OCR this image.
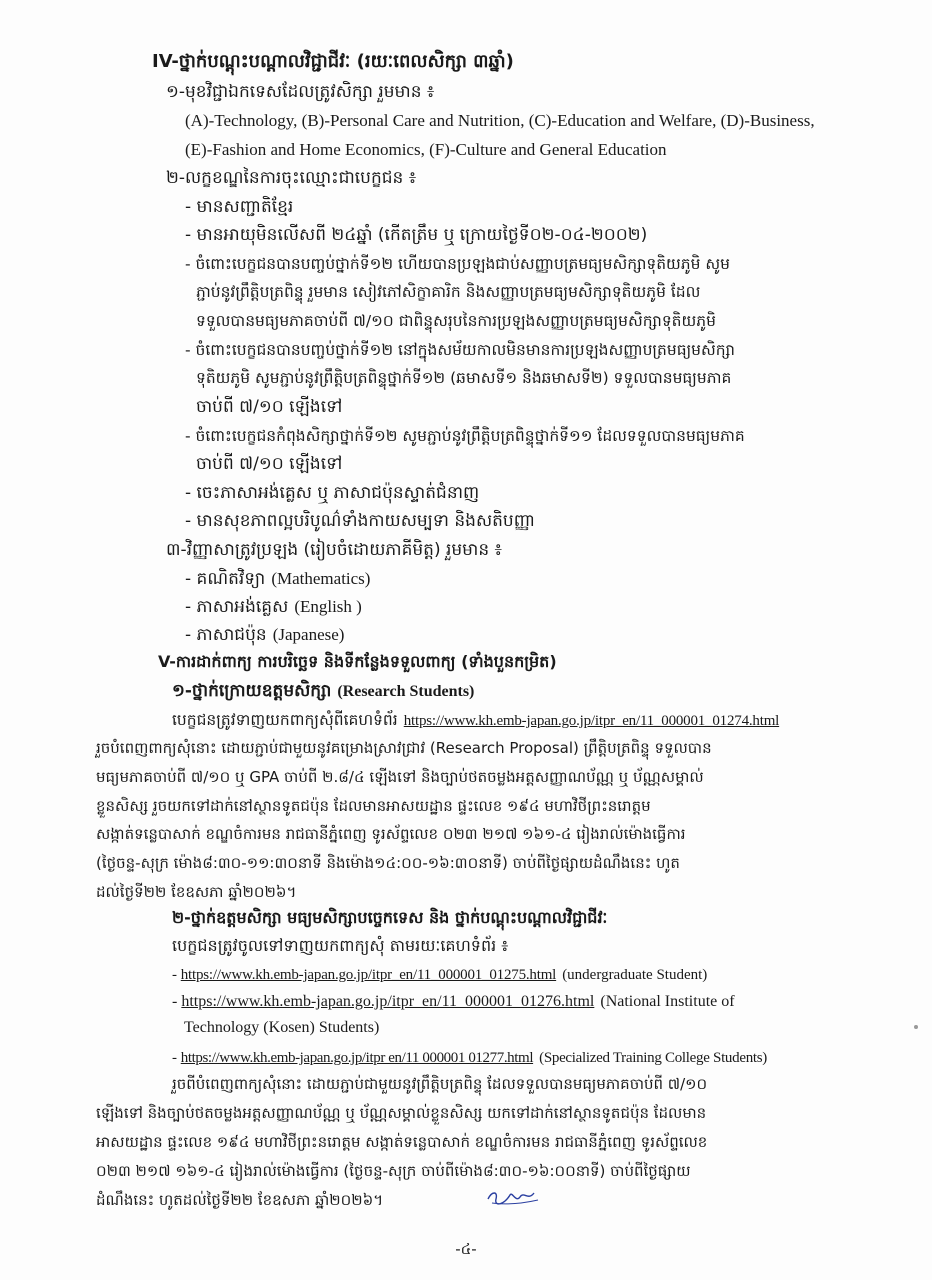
IV-ថ្នាក់បណ្ដុះបណ្ដាលវិជ្ជាជីវៈ (រយៈពេលសិក្សា ៣ឆ្នាំ)
១-មុខវិជ្ជាឯកទេសដែលត្រូវសិក្សា រួមមាន ៖
(A)-Technology, (B)-Personal Care and Nutrition, (C)-Education and Welfare, (D)-Business,
(E)-Fashion and Home Economics, (F)-Culture and General Education
២-លក្ខខណ្ឌនៃការចុះឈ្មោះជាបេក្ខជន ៖
- មានសញ្ជាតិខ្មែរ
- មានអាយុមិនលើសពី ២៤ឆ្នាំ (កើតត្រឹម ឬ ក្រោយថ្ងៃទី០២-០៤-២០០២)
- ចំពោះបេក្ខជនបានបញ្ចប់ថ្នាក់ទី១២ ហើយបានប្រឡងជាប់សញ្ញាបត្រមធ្យមសិក្សាទុតិយភូមិ សូម
ភ្ជាប់នូវព្រឹត្តិបត្រពិន្ទុ រួមមាន សៀវភៅសិក្ខាគារិក និងសញ្ញាបត្រមធ្យមសិក្សាទុតិយភូមិ ដែល
ទទួលបានមធ្យមភាគចាប់ពី ៧/១០ ជាពិន្ទុសរុបនៃការប្រឡងសញ្ញាបត្រមធ្យមសិក្សាទុតិយភូមិ
- ចំពោះបេក្ខជនបានបញ្ចប់ថ្នាក់ទី១២ នៅក្នុងសម័យកាលមិនមានការប្រឡងសញ្ញាបត្រមធ្យមសិក្សា
ទុតិយភូមិ សូមភ្ជាប់នូវព្រឹត្តិបត្រពិន្ទុថ្នាក់ទី១២ (ឆមាសទី១ និងឆមាសទី២) ទទួលបានមធ្យមភាគ
ចាប់ពី ៧/១០ ឡើងទៅ
- ចំពោះបេក្ខជនកំពុងសិក្សាថ្នាក់ទី១២ សូមភ្ជាប់នូវព្រឹត្តិបត្រពិន្ទុថ្នាក់ទី១១ ដែលទទួលបានមធ្យមភាគ
ចាប់ពី ៧/១០ ឡើងទៅ
- ចេះភាសាអង់គ្លេស ឬ ភាសាជប៉ុនស្ទាត់ជំនាញ
- មានសុខភាពល្អបរិបូណ៌ទាំងកាយសម្បទា និងសតិបញ្ញា
៣-វិញ្ញាសាត្រូវប្រឡង (រៀបចំដោយភាគីមិត្ត) រួមមាន ៖
- គណិតវិទ្យា (Mathematics)
- ភាសាអង់គ្លេស (English )
- ភាសាជប៉ុន (Japanese)
V-ការដាក់ពាក្យ ការបរិច្ឆេទ និងទីកន្លែងទទួលពាក្យ (ទាំងបួនកម្រិត)
១-ថ្នាក់ក្រោយឧត្តមសិក្សា (Research Students)
បេក្ខជនត្រូវទាញយកពាក្យសុំពីគេហទំព័រ https://www.kh.emb-japan.go.jp/itpr_en/11_000001_01274.html
រួចបំពេញពាក្យសុំនោះ ដោយភ្ជាប់ជាមួយនូវគម្រោងស្រាវជ្រាវ (Research Proposal) ព្រឹត្តិបត្រពិន្ទុ ទទួលបាន
មធ្យមភាគចាប់ពី ៧/១០ ឬ GPA ចាប់ពី ២.៨/៤ ឡើងទៅ និងច្បាប់ថតចម្លងអត្តសញ្ញាណប័ណ្ណ ឬ ប័ណ្ណសម្គាល់
ខ្លួនសិស្ស រួចយកទៅដាក់នៅស្ថានទូតជប៉ុន ដែលមានអាសយដ្ឋាន ផ្ទះលេខ ១៩៤ មហាវិថីព្រះនរោត្តម
សង្កាត់ទន្លេបាសាក់ ខណ្ឌចំការមន រាជធានីភ្នំពេញ ទូរស័ព្ទលេខ ០២៣ ២១៧ ១៦១-៤ រៀងរាល់ម៉ោងធ្វើការ
(ថ្ងៃចន្ទ-សុក្រ ម៉ោង៨:៣០-១១:៣០នាទី និងម៉ោង១៤:០០-១៦:៣០នាទី) ចាប់ពីថ្ងៃផ្សាយដំណឹងនេះ ហូត
ដល់ថ្ងៃទី២២ ខែឧសភា ឆ្នាំ២០២៦។
២-ថ្នាក់ឧត្តមសិក្សា មធ្យមសិក្សាបច្ចេកទេស និង ថ្នាក់បណ្ដុះបណ្ដាលវិជ្ជាជីវៈ
បេក្ខជនត្រូវចូលទៅទាញយកពាក្យសុំ តាមរយៈគេហទំព័រ ៖
- https://www.kh.emb-japan.go.jp/itpr_en/11_000001_01275.html (undergraduate Student)
- https://www.kh.emb-japan.go.jp/itpr_en/11_000001_01276.html (National Institute of
Technology (Kosen) Students)
- https://www.kh.emb-japan.go.jp/itpr en/11 000001 01277.html (Specialized Training College Students)
រួចពីបំពេញពាក្យសុំនោះ ដោយភ្ជាប់ជាមួយនូវព្រឹត្តិបត្រពិន្ទុ ដែលទទួលបានមធ្យមភាគចាប់ពី ៧/១០
ឡើងទៅ និងច្បាប់ថតចម្លងអត្តសញ្ញាណប័ណ្ណ ឬ ប័ណ្ណសម្គាល់ខ្លួនសិស្ស យកទៅដាក់នៅស្ថានទូតជប៉ុន ដែលមាន
អាសយដ្ឋាន ផ្ទះលេខ ១៩៤ មហាវិថីព្រះនរោត្តម សង្កាត់ទន្លេបាសាក់ ខណ្ឌចំការមន រាជធានីភ្នំពេញ ទូរស័ព្ទលេខ
០២៣ ២១៧ ១៦១-៤ រៀងរាល់ម៉ោងធ្វើការ (ថ្ងៃចន្ទ-សុក្រ ចាប់ពីម៉ោង៨:៣០-១៦:០០នាទី) ចាប់ពីថ្ងៃផ្សាយ
ដំណឹងនេះ ហូតដល់ថ្ងៃទី២២ ខែឧសភា ឆ្នាំ២០២៦។
-៤-
